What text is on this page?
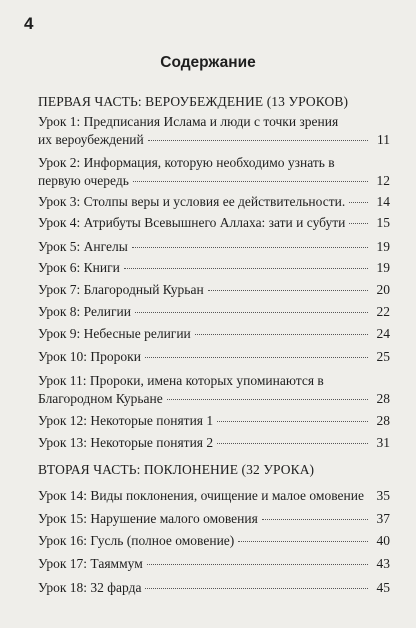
4
Содержание
ПЕРВАЯ ЧАСТЬ: ВЕРОУБЕЖДЕНИЕ (13 УРОКОВ)
Урок 1: Предписания Ислама и люди с точки зрения
их вероубеждений	11
Урок 2: Информация, которую необходимо узнать в
первую очередь	12
Урок 3: Столпы веры и условия ее действительности.	14
Урок 4: Атрибуты Всевышнего Аллаха: зати и субути	15
Урок 5: Ангелы	19
Урок 6: Книги	19
Урок 7: Благородный Курьан	20
Урок 8: Религии	22
Урок 9: Небесные религии	24
Урок 10: Пророки	25
Урок 11: Пророки, имена которых упоминаются в
Благородном Курьане	28
Урок 12: Некоторые понятия 1	28
Урок 13: Некоторые понятия 2	31
ВТОРАЯ ЧАСТЬ: ПОКЛОНЕНИЕ (32 УРОКА)
Урок 14: Виды поклонения, очищение и малое омовение 35
Урок 15: Нарушение малого омовения	37
Урок 16: Гусль (полное омовение)	40
Урок 17: Таяммум	43
Урок 18: 32 фарда	45
